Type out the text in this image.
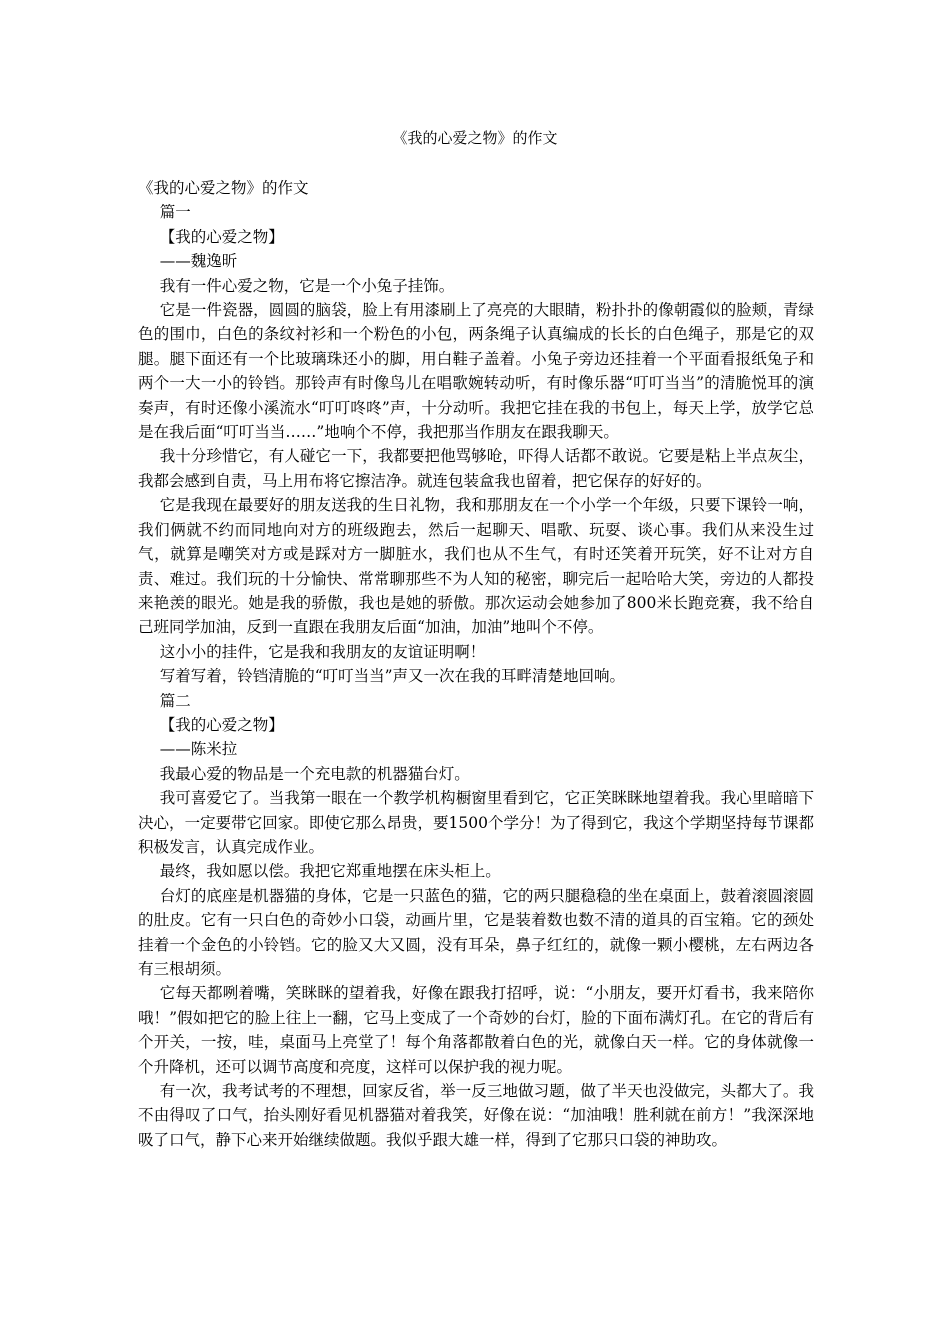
《我的心爱之物》的作文

《我的心爱之物》的作文

篇一

【我的心爱之物】

——魏逸昕

我有一件心爱之物，它是一个小兔子挂饰。

它是一件瓷器，圆圆的脑袋，脸上有用漆刷上了亮亮的大眼睛，粉扑扑的像朝霞似的脸颊，青绿色的围巾，白色的条纹衬衫和一个粉色的小包，两条绳子认真编成的长长的白色绳子，那是它的双腿。腿下面还有一个比玻璃珠还小的脚，用白鞋子盖着。小兔子旁边还挂着一个平面看报纸兔子和两个一大一小的铃铛。那铃声有时像鸟儿在唱歌婉转动听，有时像乐器“叮叮当当”的清脆悦耳的演奏声，有时还像小溪流水“叮叮咚咚”声，十分动听。我把它挂在我的书包上，每天上学，放学它总是在我后面“叮叮当当……”地响个不停，我把那当作朋友在跟我聊天。

我十分珍惜它，有人碰它一下，我都要把他骂够呛，吓得人话都不敢说。它要是粘上半点灰尘，我都会感到自责，马上用布将它擦洁净。就连包装盒我也留着，把它保存的好好的。

它是我现在最要好的朋友送我的生日礼物，我和那朋友在一个小学一个年级，只要下课铃一响，我们俩就不约而同地向对方的班级跑去，然后一起聊天、唱歌、玩耍、谈心事。我们从来没生过气，就算是嘲笑对方或是踩对方一脚脏水，我们也从不生气，有时还笑着开玩笑，好不让对方自责、难过。我们玩的十分愉快、常常聊那些不为人知的秘密，聊完后一起哈哈大笑，旁边的人都投来艳羡的眼光。她是我的骄傲，我也是她的骄傲。那次运动会她参加了800米长跑竞赛，我不给自己班同学加油，反到一直跟在我朋友后面“加油，加油”地叫个不停。

这小小的挂件，它是我和我朋友的友谊证明啊！

写着写着，铃铛清脆的“叮叮当当”声又一次在我的耳畔清楚地回响。

篇二

【我的心爱之物】

——陈米拉

我最心爱的物品是一个充电款的机器猫台灯。

我可喜爱它了。当我第一眼在一个教学机构橱窗里看到它，它正笑眯眯地望着我。我心里暗暗下决心，一定要带它回家。即使它那么昂贵，要1500个学分！为了得到它，我这个学期坚持每节课都积极发言，认真完成作业。

最终，我如愿以偿。我把它郑重地摆在床头柜上。

台灯的底座是机器猫的身体，它是一只蓝色的猫，它的两只腿稳稳的坐在桌面上，鼓着滚圆滚圆的肚皮。它有一只白色的奇妙小口袋，动画片里，它是装着数也数不清的道具的百宝箱。它的颈处挂着一个金色的小铃铛。它的脸又大又圆，没有耳朵，鼻子红红的，就像一颗小樱桃，左右两边各有三根胡须。

它每天都咧着嘴，笑眯眯的望着我，好像在跟我打招呼，说：“小朋友，要开灯看书，我来陪你哦！”假如把它的脸上往上一翻，它马上变成了一个奇妙的台灯，脸的下面布满灯孔。在它的背后有个开关，一按，哇，桌面马上亮堂了！每个角落都散着白色的光，就像白天一样。它的身体就像一个升降机，还可以调节高度和亮度，这样可以保护我的视力呢。

有一次，我考试考的不理想，回家反省，举一反三地做习题，做了半天也没做完，头都大了。我不由得叹了口气，抬头刚好看见机器猫对着我笑，好像在说：“加油哦！胜利就在前方！”我深深地吸了口气，静下心来开始继续做题。我似乎跟大雄一样，得到了它那只口袋的神助攻。
